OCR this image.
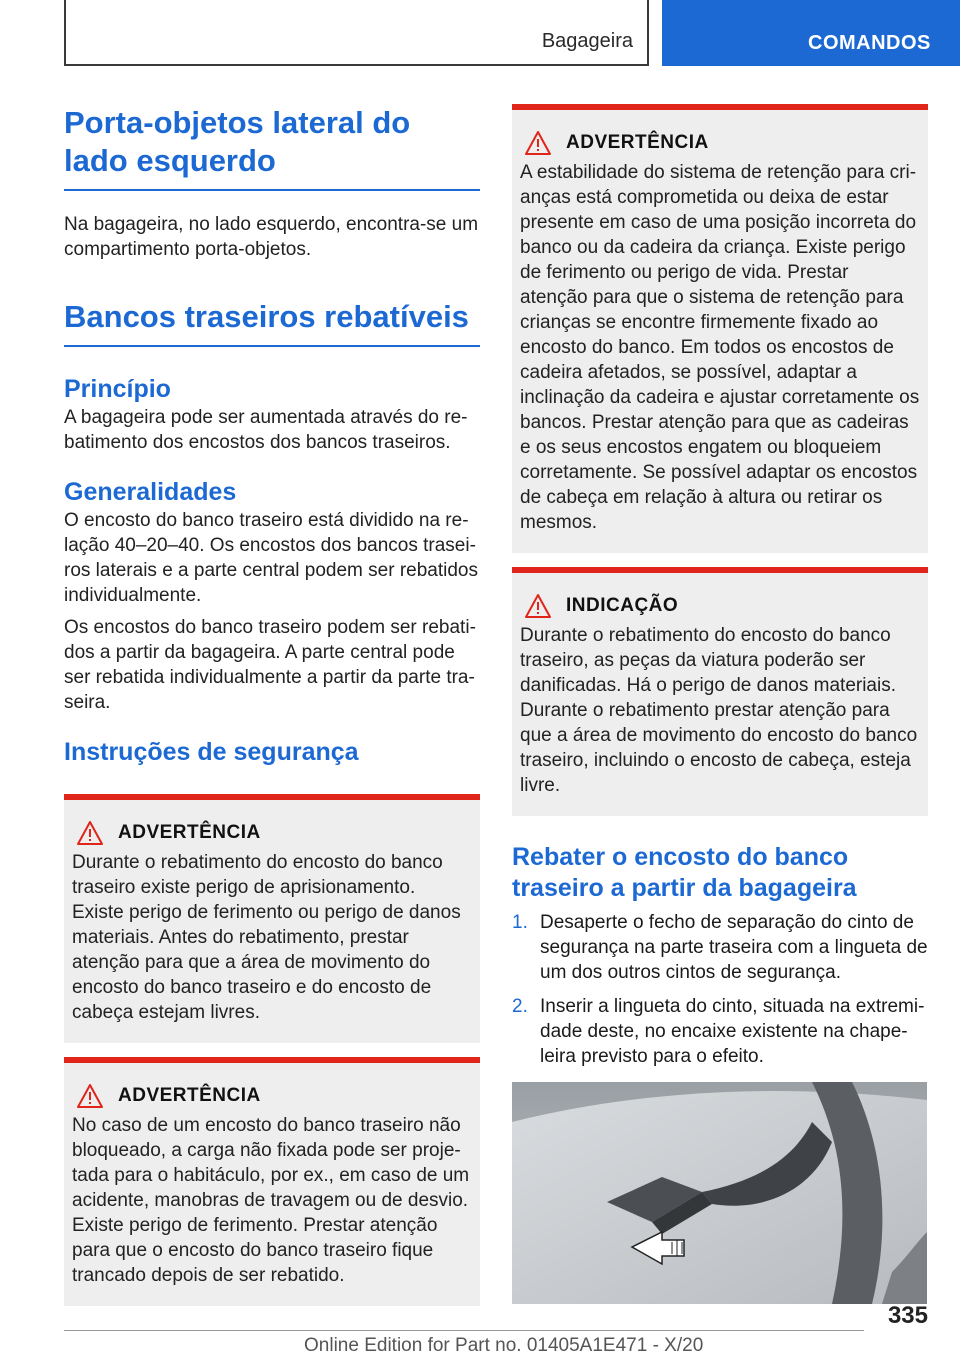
Bagageira	COMANDOS
Porta-objetos lateral do lado esquerdo

Na bagageira, no lado esquerdo, encontra-se um compartimento porta-objetos.

Bancos traseiros rebatíveis
Princípio

A bagageira pode ser aumentada através do rebatimento dos encostos dos bancos traseiros.

Generalidades

O encosto do banco traseiro está dividido na relação 40–20–40. Os encostos dos bancos traseiros laterais e a parte central podem ser rebatidos individualmente.

Os encostos do banco traseiro podem ser rebatidos a partir da bagageira. A parte central pode ser rebatida individualmente a partir da parte traseira.

Instruções de segurança
ADVERTÊNCIA

Durante o rebatimento do encosto do banco traseiro existe perigo de aprisionamento. Existe perigo de ferimento ou perigo de danos materiais. Antes do rebatimento, prestar atenção para que a área de movimento do encosto do banco traseiro e do encosto de cabeça estejam livres.

ADVERTÊNCIA

No caso de um encosto do banco traseiro não bloqueado, a carga não fixada pode ser projetada para o habitáculo, por ex., em caso de um acidente, manobras de travagem ou de desvio. Existe perigo de ferimento. Prestar atenção para que o encosto do banco traseiro fique trancado depois de ser rebatido.

ADVERTÊNCIA

A estabilidade do sistema de retenção para crianças está comprometida ou deixa de estar presente em caso de uma posição incorreta do banco ou da cadeira da criança. Existe perigo de ferimento ou perigo de vida. Prestar atenção para que o sistema de retenção para crianças se encontre firmemente fixado ao encosto do banco. Em todos os encostos de cadeira afetados, se possível, adaptar a inclinação da cadeira e ajustar corretamente os bancos. Prestar atenção para que as cadeiras e os seus encostos engatem ou bloqueiem corretamente. Se possível adaptar os encostos de cabeça em relação à altura ou retirar os mesmos.

INDICAÇÃO

Durante o rebatimento do encosto do banco traseiro, as peças da viatura poderão ser danificadas. Há o perigo de danos materiais. Durante o rebatimento prestar atenção para que a área de movimento do encosto do banco traseiro, incluindo o encosto de cabeça, esteja livre.

Rebater o encosto do banco traseiro a partir da bagageira
1. Desaperte o fecho de separação do cinto de segurança na parte traseira com a lingueta de um dos outros cintos de segurança.
2. Inserir a lingueta do cinto, situada na extremidade deste, no encaixe existente na chapeleira previsto para o efeito.
335
Online Edition for Part no. 01405A1E471 - X/20
